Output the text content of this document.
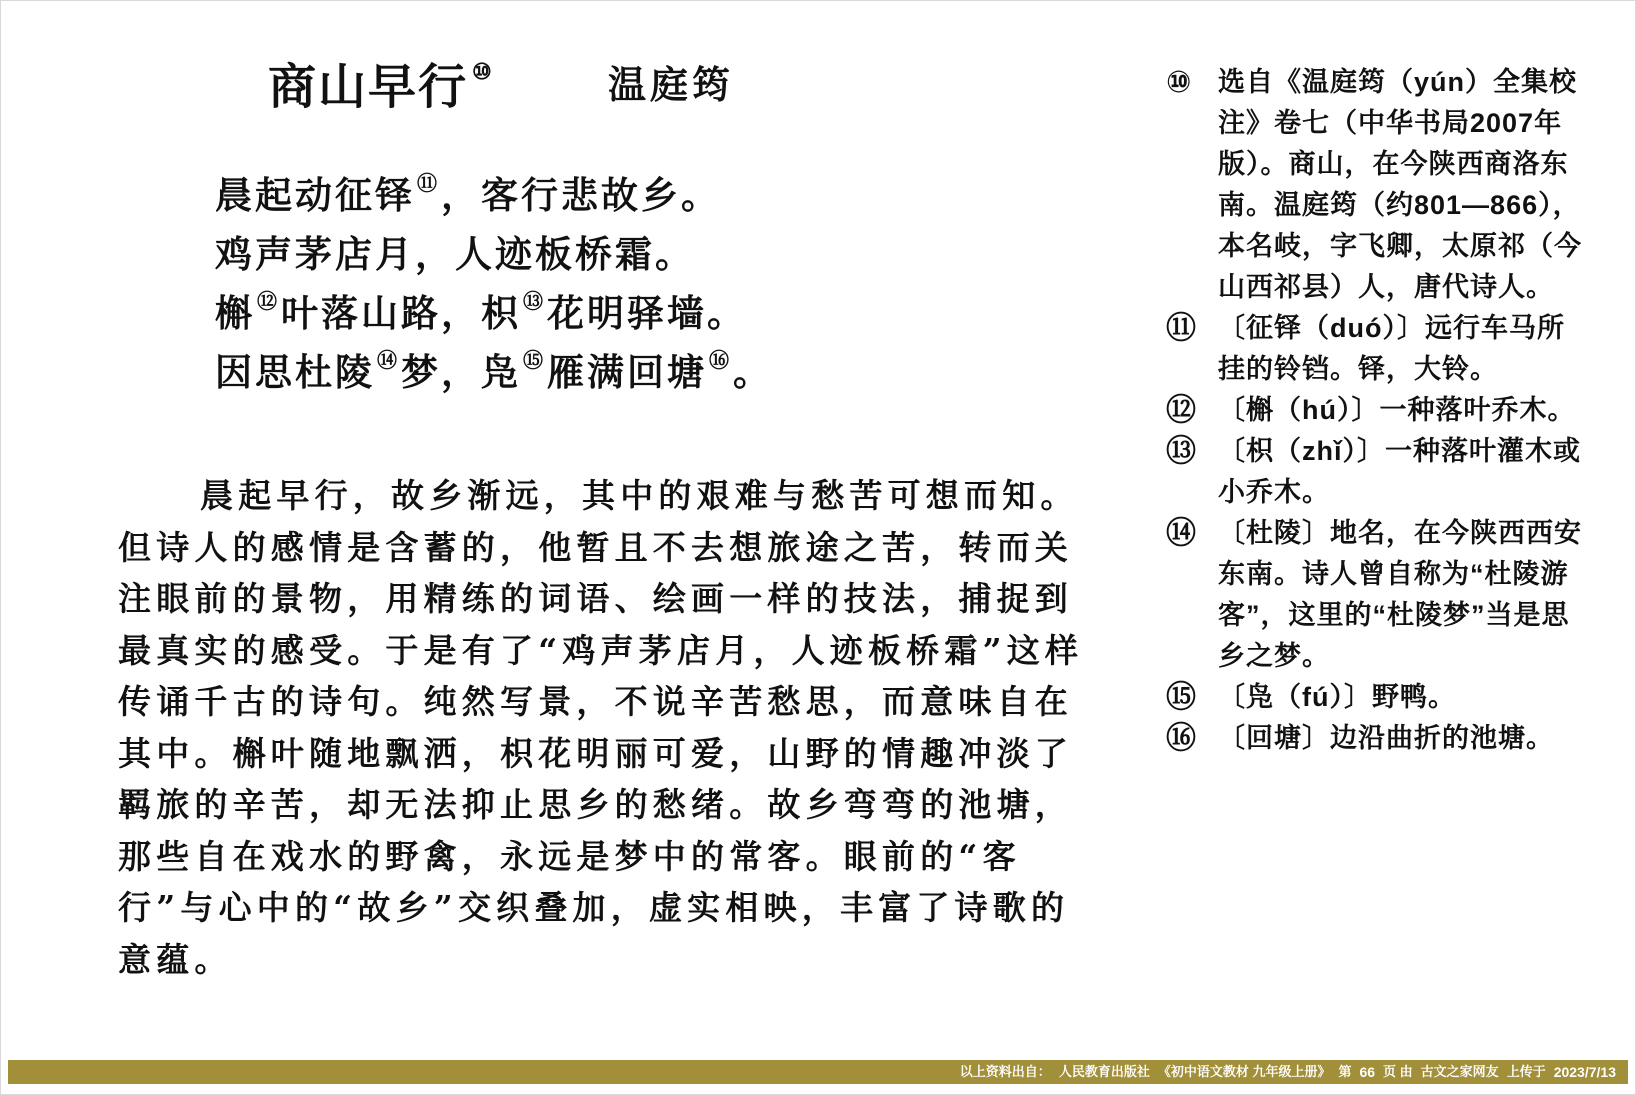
商山早行 ⑩	温庭筠
晨起动征铎 ⑪ ，客行悲故乡。
鸡声茅店月，人迹板桥霜。
槲 ⑫ 叶落山路，枳 ⑬ 花明驿墙。
因思杜陵 ⑭ 梦，凫 ⑮ 雁满回塘 ⑯ 。

晨起早行，故乡渐远，其中的艰难与愁苦可想而知。但诗人的感情是含蓄的，他暂且不去想旅途之苦，转而关注眼前的景物，用精练的词语、绘画一样的技法，捕捉到最真实的感受。于是有了“鸡声茅店月，人迹板桥霜”这样传诵千古的诗句。纯然写景，不说辛苦愁思，而意味自在其中。槲叶随地飘洒，枳花明丽可爱，山野的情趣冲淡了羁旅的辛苦，却无法抑止思乡的愁绪。故乡弯弯的池塘，那些自在戏水的野禽，永远是梦中的常客。眼前的“客行”与心中的“故乡”交织叠加，虚实相映，丰富了诗歌的意蕴。

⑩ 选自《温庭筠（yún）全集校注》卷七（中华书局2007年版）。商山，在今陕西商洛东南。温庭筠（约801—866），本名岐，字飞卿，太原祁（今山西祁县）人，唐代诗人。
⑪ 〔征铎（duó）〕远行车马所挂的铃铛。铎，大铃。
⑫ 〔槲（hú）〕一种落叶乔木。
⑬ 〔枳（zhǐ）〕一种落叶灌木或小乔木。
⑭ 〔杜陵〕地名，在今陕西西安东南。诗人曾自称为“杜陵游客”，这里的“杜陵梦”当是思乡之梦。
⑮ 〔凫（fú）〕野鸭。
⑯ 〔回塘〕边沿曲折的池塘。
以上资料出自： 人民教育出版社 《初中语文教材 九年级上册》 第 66 页 由 古文之家网友 上传于 2023/7/13
